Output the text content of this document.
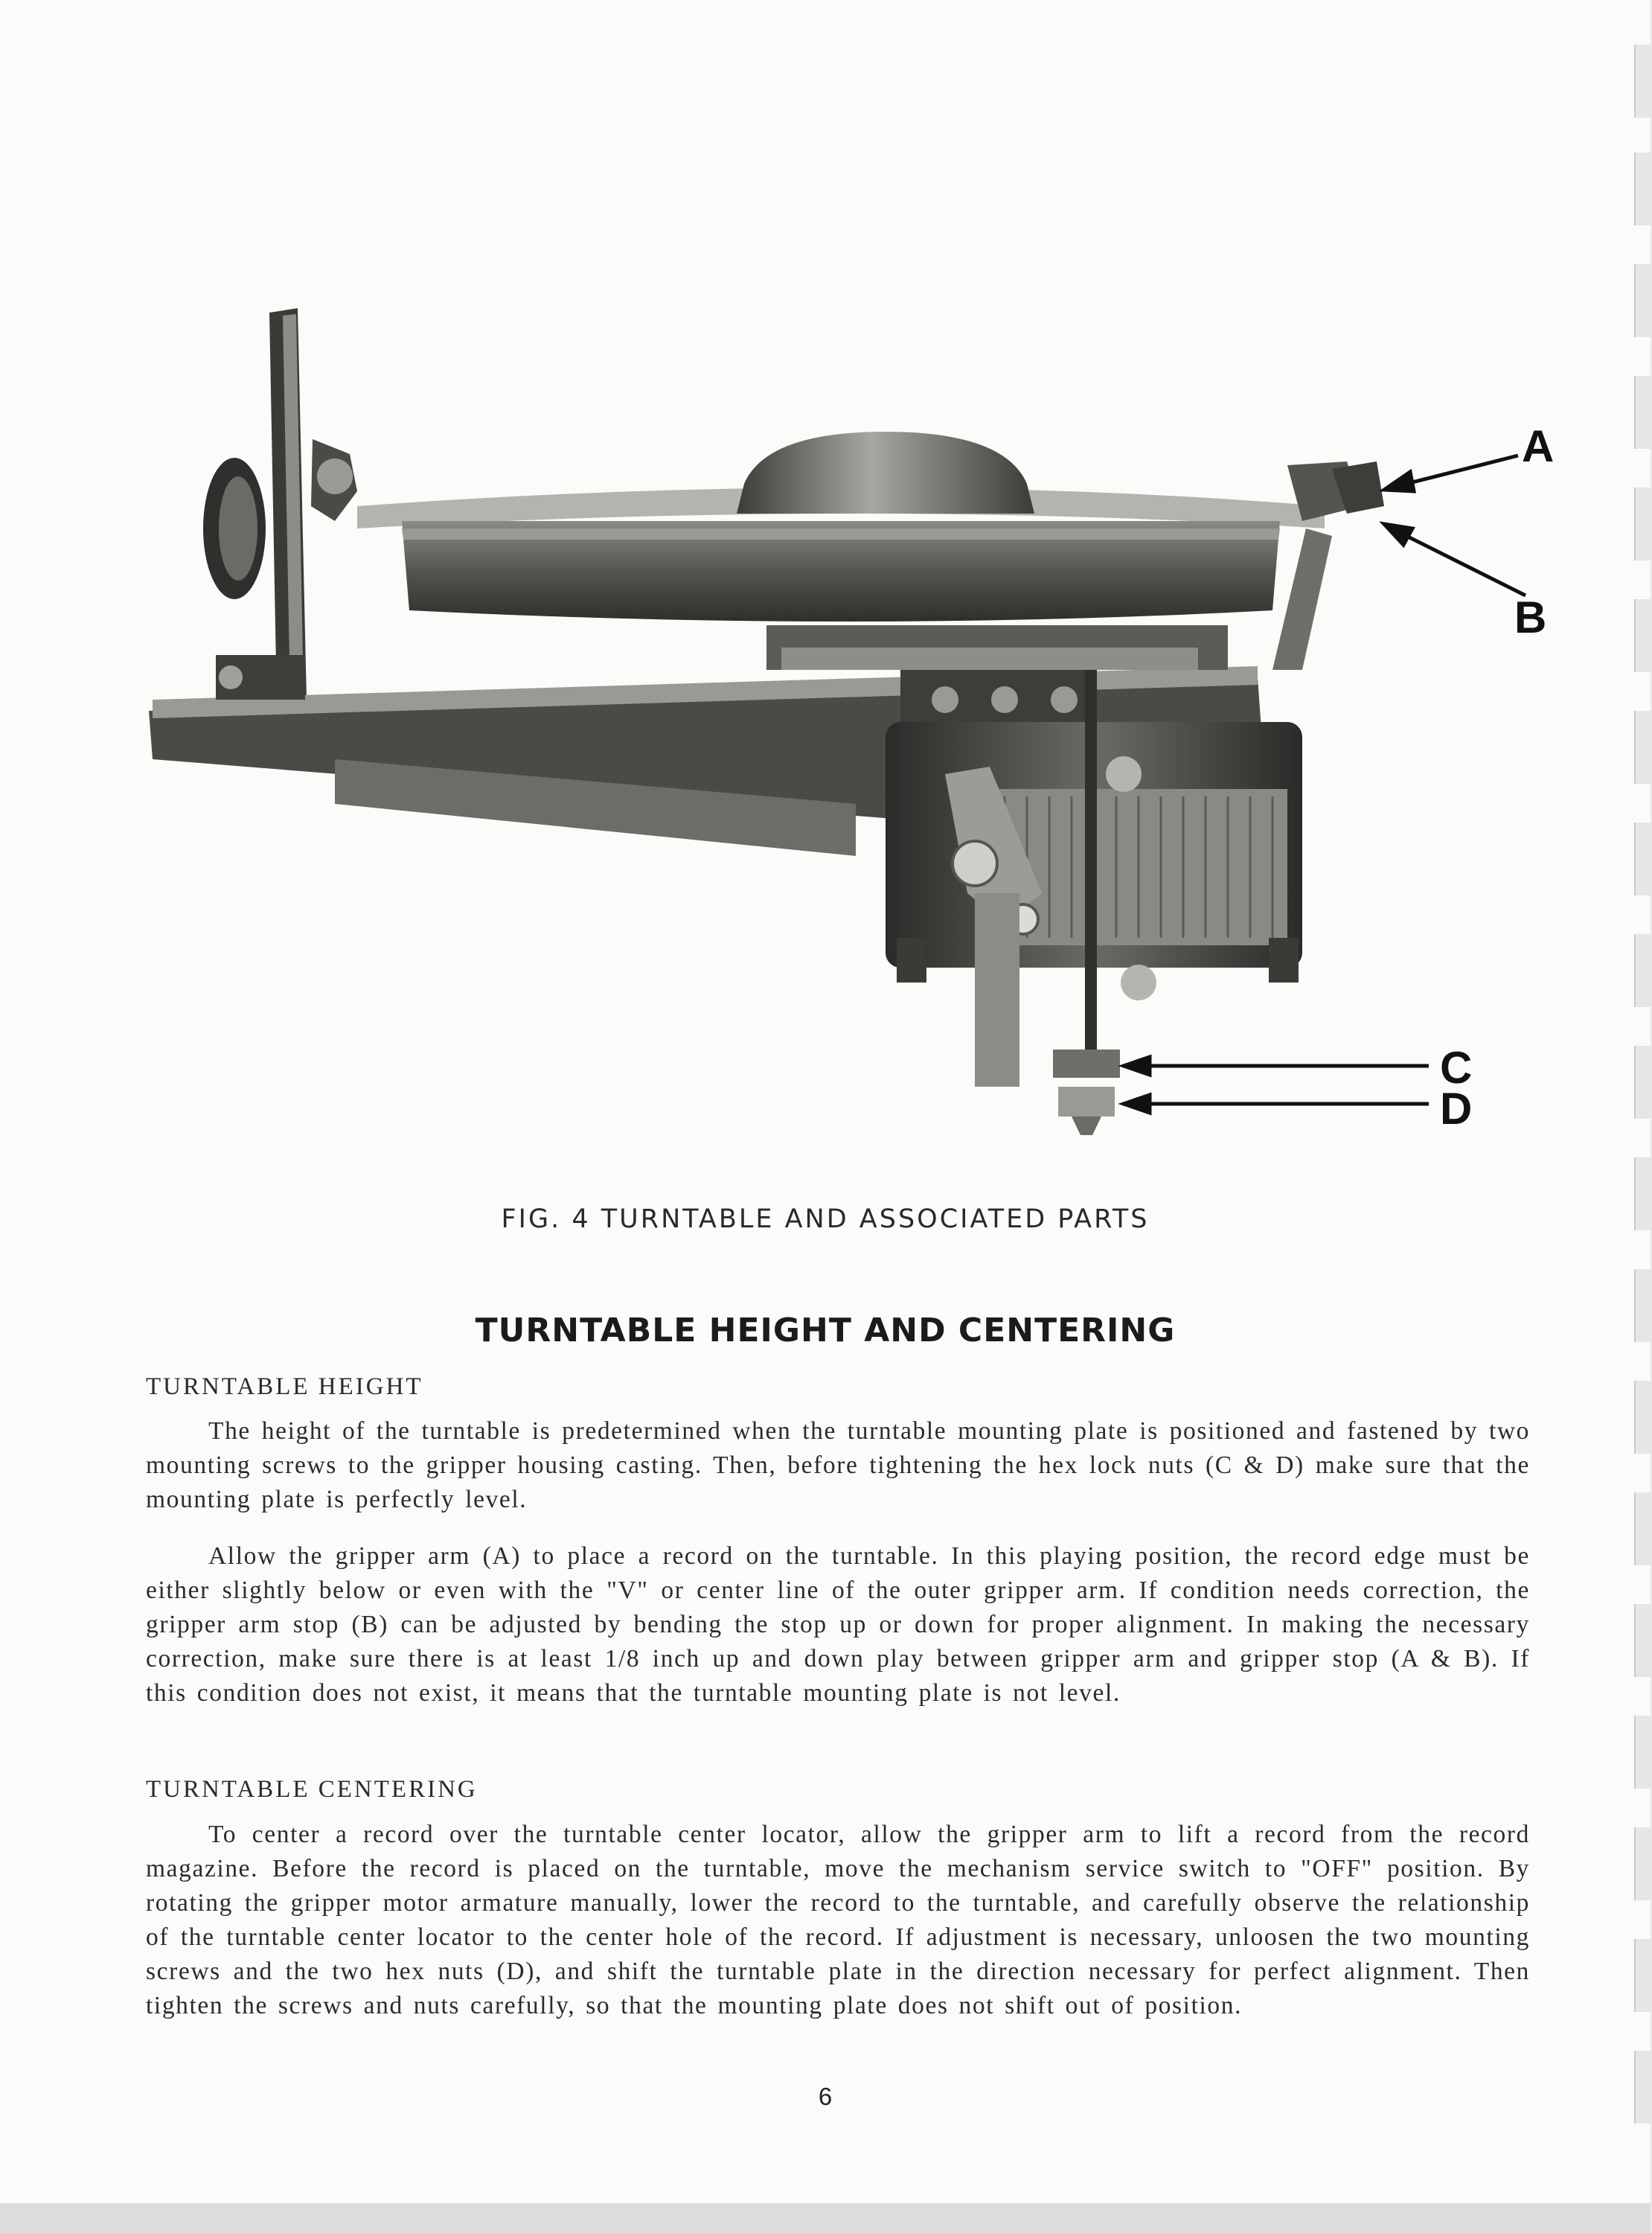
A
B
C
D
FIG. 4 TURNTABLE AND ASSOCIATED PARTS
TURNTABLE HEIGHT AND CENTERING
TURNTABLE HEIGHT

The height of the turntable is predetermined when the turntable mounting plate is positioned and fastened by two mounting screws to the gripper housing casting. Then, before tightening the hex lock nuts (C & D) make sure that the mounting plate is perfectly level.

Allow the gripper arm (A) to place a record on the turntable. In this playing position, the record edge must be either slightly below or even with the "V" or center line of the outer gripper arm. If condition needs correction, the gripper arm stop (B) can be adjusted by bending the stop up or down for proper alignment. In making the necessary correction, make sure there is at least 1/8 inch up and down play between gripper arm and gripper stop (A & B). If this condition does not exist, it means that the turntable mounting plate is not level.

TURNTABLE CENTERING

To center a record over the turntable center locator, allow the gripper arm to lift a record from the record magazine. Before the record is placed on the turntable, move the mechanism service switch to "OFF" position. By rotating the gripper motor armature manually, lower the record to the turntable, and carefully observe the relationship of the turntable center locator to the center hole of the record. If adjustment is necessary, unloosen the two mounting screws and the two hex nuts (D), and shift the turntable plate in the direction necessary for perfect alignment. Then tighten the screws and nuts carefully, so that the mounting plate does not shift out of position.

6
